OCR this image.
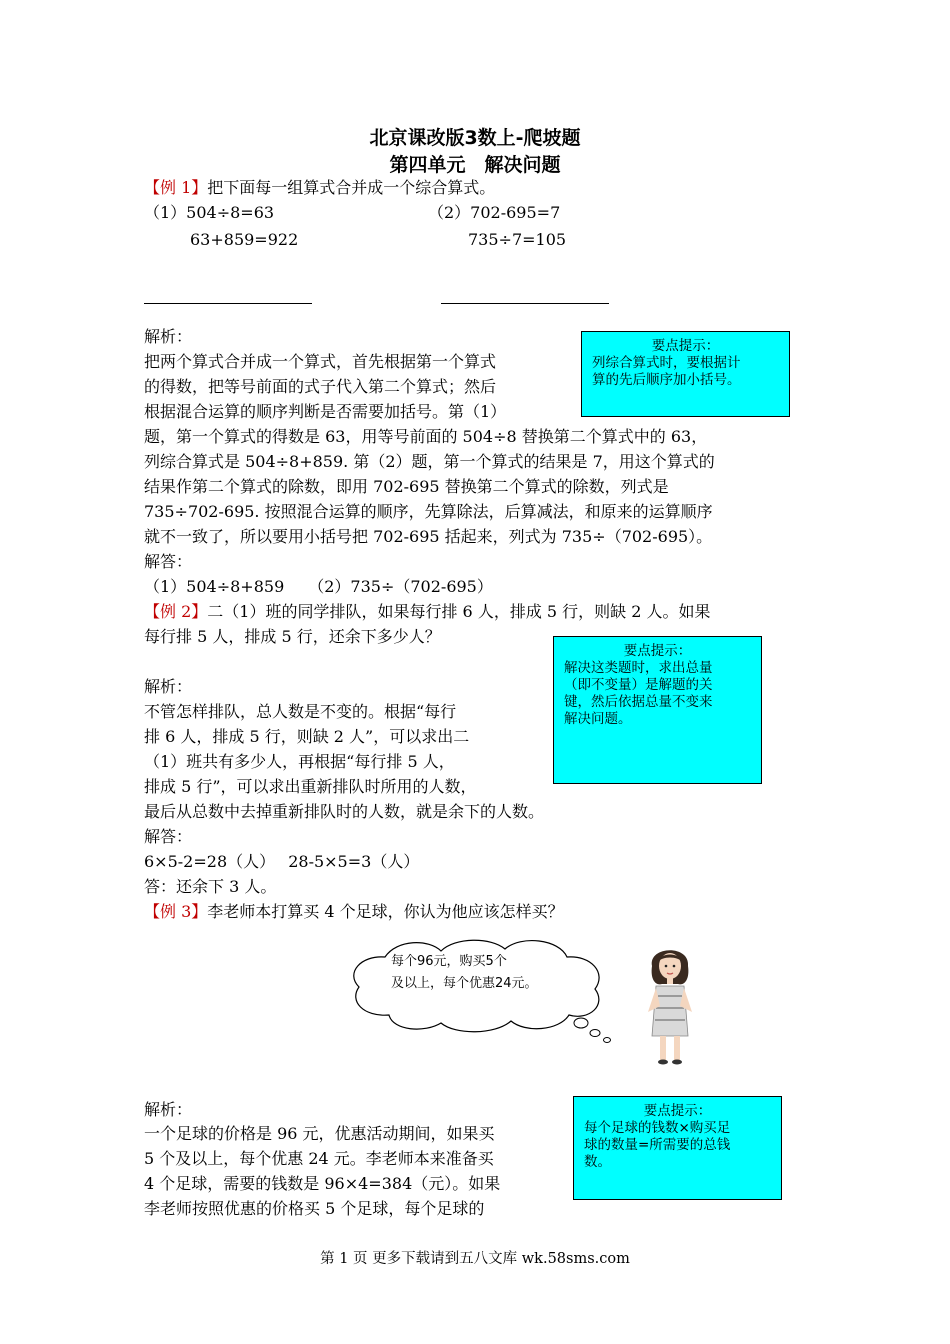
北京课改版3数上-爬坡题
第四单元　解决问题
【例 1】把下面每一组算式合并成一个综合算式。
（1）504÷8=63	（2）702-695=7
63+859=922	735÷7=105
解析：
把两个算式合并成一个算式，首先根据第一个算式
的得数，把等号前面的式子代入第二个算式；然后
根据混合运算的顺序判断是否需要加括号。第（1）
题，第一个算式的得数是 63，用等号前面的 504÷8 替换第二个算式中的 63，
列综合算式是 504÷8+859. 第（2）题，第一个算式的结果是 7，用这个算式的
结果作第二个算式的除数，即用 702-695 替换第二个算式的除数，列式是
735÷702-695. 按照混合运算的顺序，先算除法，后算减法，和原来的运算顺序
就不一致了，所以要用小括号把 702-695 括起来，列式为 735÷（702-695）。
解答：
（1）504÷8+859　　（2）735÷（702-695）
要点提示：
列综合算式时，要根据计
算的先后顺序加小括号。
【例 2】二（1）班的同学排队，如果每行排 6 人，排成 5 行，则缺 2 人。如果
每行排 5 人，排成 5 行，还余下多少人？
解析：
不管怎样排队，总人数是不变的。根据“每行
排 6 人，排成 5 行，则缺 2 人”，可以求出二
（1）班共有多少人，再根据“每行排 5 人，
排成 5 行”，可以求出重新排队时所用的人数，
最后从总数中去掉重新排队时的人数，就是余下的人数。
解答：
6×5-2=28（人）　 28-5×5=3（人）
答：还余下 3 人。
要点提示：
解决这类题时，求出总量
（即不变量）是解题的关
键，然后依据总量不变来
解决问题。
【例 3】李老师本打算买 4 个足球，你认为他应该怎样买？
每个96元，购买5个
及以上，每个优惠24元。
解析：
一个足球的价格是 96 元，优惠活动期间，如果买
5 个及以上，每个优惠 24 元。李老师本来准备买
4 个足球，需要的钱数是 96×4=384（元）。如果
李老师按照优惠的价格买 5 个足球，每个足球的
要点提示：
每个足球的钱数×购买足
球的数量=所需要的总钱
数。
第 1 页 更多下载请到五八文库 wk.58sms.com
